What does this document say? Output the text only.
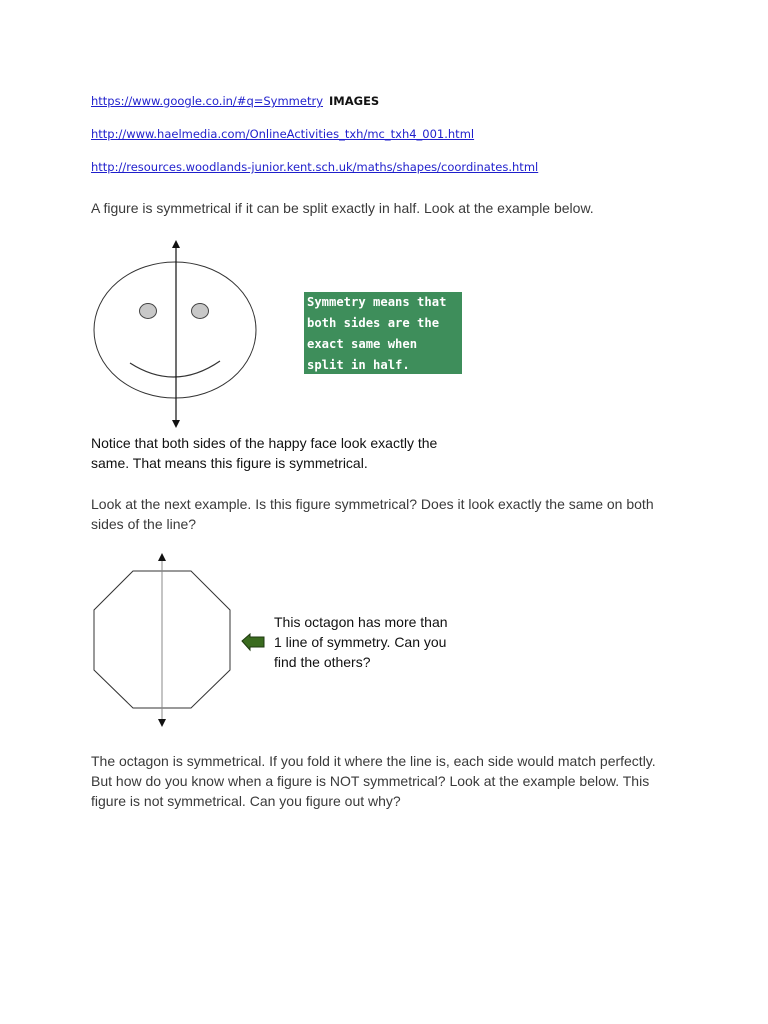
https://www.google.co.in/#q=Symmetry IMAGES
http://www.haelmedia.com/OnlineActivities_txh/mc_txh4_001.html
http://resources.woodlands-junior.kent.sch.uk/maths/shapes/coordinates.html
A figure is symmetrical if it can be split exactly in half. Look at the example below.
Symmetry means that
both sides are the
exact same when
split in half.
Notice that both sides of the happy face look exactly the
same. That means this figure is symmetrical.
Look at the next example. Is this figure symmetrical? Does it look exactly the same on both
sides of the line?
This octagon has more than
1 line of symmetry. Can you
find the others?
The octagon is symmetrical. If you fold it where the line is, each side would match perfectly.
But how do you know when a figure is NOT symmetrical? Look at the example below. This
figure is not symmetrical. Can you figure out why?
